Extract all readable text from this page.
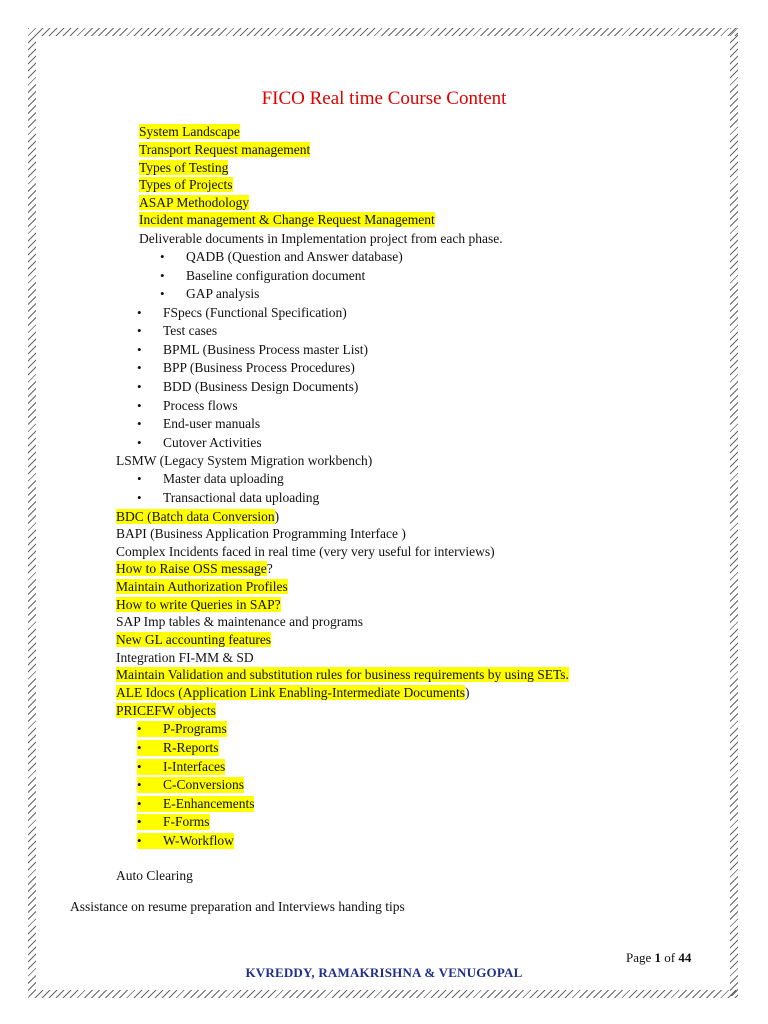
FICO Real time Course Content
System Landscape
Transport Request management
Types of Testing
Types of Projects
ASAP Methodology
Incident management & Change Request Management
Deliverable documents in Implementation project from each phase.
•	QADB (Question and Answer database)
•	Baseline configuration document
•	GAP analysis
•	FSpecs (Functional Specification)
•	Test cases
•	BPML (Business Process master List)
•	BPP (Business Process Procedures)
•	BDD (Business Design Documents)
•	Process flows
•	End-user manuals
•	Cutover Activities
LSMW (Legacy System Migration workbench)
•	Master data uploading
•	Transactional data uploading
BDC (Batch data Conversion)
BAPI (Business Application Programming Interface )
Complex Incidents faced in real time (very very useful for interviews)
How to Raise OSS message?
Maintain Authorization Profiles
How to write Queries in SAP?
SAP Imp tables & maintenance and programs
New GL accounting features
Integration FI-MM & SD
Maintain Validation and substitution rules for business requirements by using SETs.
ALE Idocs (Application Link Enabling-Intermediate Documents)
PRICEFW objects
•	P-Programs
•	R-Reports
•	I-Interfaces
•	C-Conversions
•	E-Enhancements
•	F-Forms
•	W-Workflow
Auto Clearing
Assistance on resume preparation and Interviews handing tips
Page 1 of 44
KVREDDY, RAMAKRISHNA & VENUGOPAL
